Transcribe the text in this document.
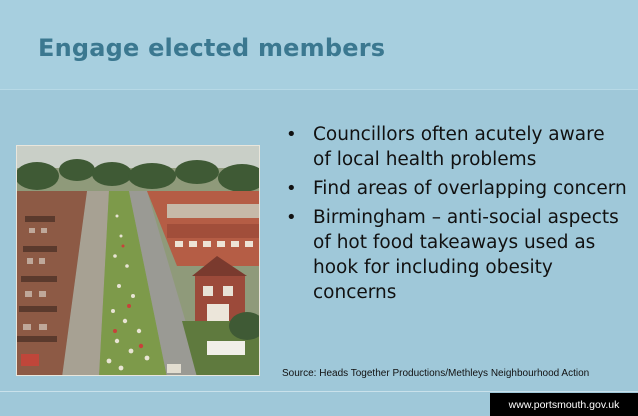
Engage elected members
• Councillors often acutely aware of local health problems
• Find areas of overlapping concern
• Birmingham – anti-social aspects of hot food takeaways used as hook for including obesity concerns
Source: Heads Together Productions/Methleys Neighbourhood Action
www.portsmouth.gov.uk
